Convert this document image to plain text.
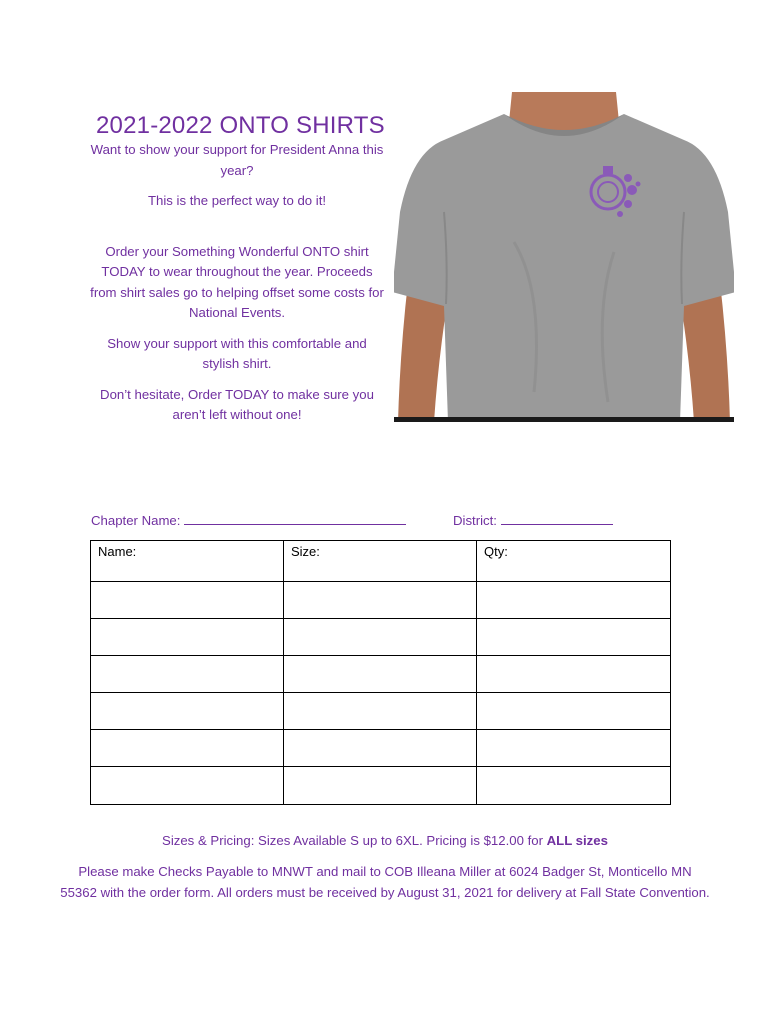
2021-2022 ONTO SHIRTS

Want to show your support for President Anna this year?

This is the perfect way to do it!

Order your Something Wonderful ONTO shirt TODAY to wear throughout the year. Proceeds from shirt sales go to helping offset some costs for National Events.

Show your support with this comfortable and stylish shirt.

Don’t hesitate, Order TODAY to make sure you aren’t left without one!

Chapter Name:	District:
Name:	Size:	Qty:

Sizes & Pricing: Sizes Available S up to 6XL. Pricing is $12.00 for ALL sizes

Please make Checks Payable to MNWT and mail to COB Illeana Miller at 6024 Badger St, Monticello MN 55362 with the order form. All orders must be received by August 31, 2021 for delivery at Fall State Convention.
